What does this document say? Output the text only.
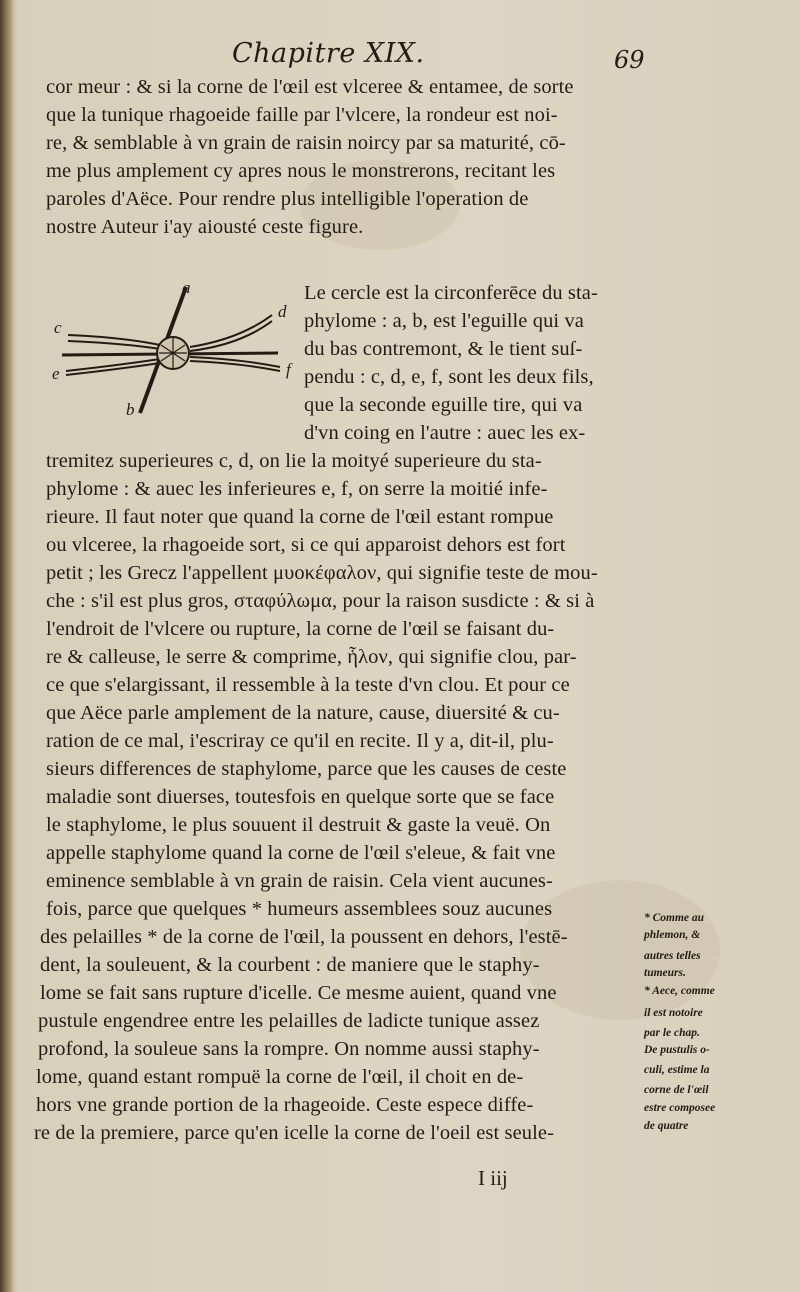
Chapitre XIX.	69
cor meur : & si la corne de l'œil est vlceree & entamee, de sorte
que la tunique rhagoeide faille par l'vlcere, la rondeur est noi-
re, & semblable à vn grain de raisin noircy par sa maturité, cō-
me plus amplement cy apres nous le monstrerons, recitant les
paroles d'Aëce. Pour rendre plus intelligible l'operation de
nostre Auteur i'ay aiousté ceste figure.
Le cercle est la circonferēce du sta-
phylome : a, b, est l'eguille qui va
du bas contremont, & le tient suſ-
pendu : c, d, e, f, sont les deux fils,
que la seconde eguille tire, qui va
d'vn coing en l'autre : auec les ex-
tremitez superieures c, d, on lie la moityé superieure du sta-
phylome : & auec les inferieures e, f, on serre la moitié infe-
rieure. Il faut noter que quand la corne de l'œil estant rompue
ou vlceree, la rhagoeide sort, si ce qui apparoist dehors est fort
petit ; les Grecz l'appellent μυοκέφαλον, qui signifie teste de mou-
che : s'il est plus gros, σταφύλωμα, pour la raison susdicte : & si à
l'endroit de l'vlcere ou rupture, la corne de l'œil se faisant du-
re & calleuse, le serre & comprime, ἧλον, qui signifie clou, par-
ce que s'elargissant, il ressemble à la teste d'vn clou. Et pour ce
que Aëce parle amplement de la nature, cause, diuersité & cu-
ration de ce mal, i'escriray ce qu'il en recite. Il y a, dit-il, plu-
sieurs differences de staphylome, parce que les causes de ceste
maladie sont diuerses, toutesfois en quelque sorte que se face
le staphylome, le plus souuent il destruit & gaste la veuë. On
appelle staphylome quand la corne de l'œil s'eleue, & fait vne
eminence semblable à vn grain de raisin. Cela vient aucunes-
fois, parce que quelques * humeurs assemblees souz aucunes
des pelailles * de la corne de l'œil, la poussent en dehors, l'estē-
dent, la souleuent, & la courbent : de maniere que le staphy-
lome se fait sans rupture d'icelle. Ce mesme auient, quand vne
pustule engendree entre les pelailles de ladicte tunique assez
profond, la souleue sans la rompre. On nomme aussi staphy-
lome, quand estant rompuë la corne de l'œil, il choit en de-
hors vne grande portion de la rhageoide. Ceste espece diffe-
re de la premiere, parce qu'en icelle la corne de l'oeil est seule-
a
b
c
d
e	f
* Comme au
phlemon, &
autres telles
tumeurs.
* Aece, comme
il est notoire
par le chap.
De pustulis o-
culi, estime la
corne de l'œil
estre composee
de quatre
I iij
